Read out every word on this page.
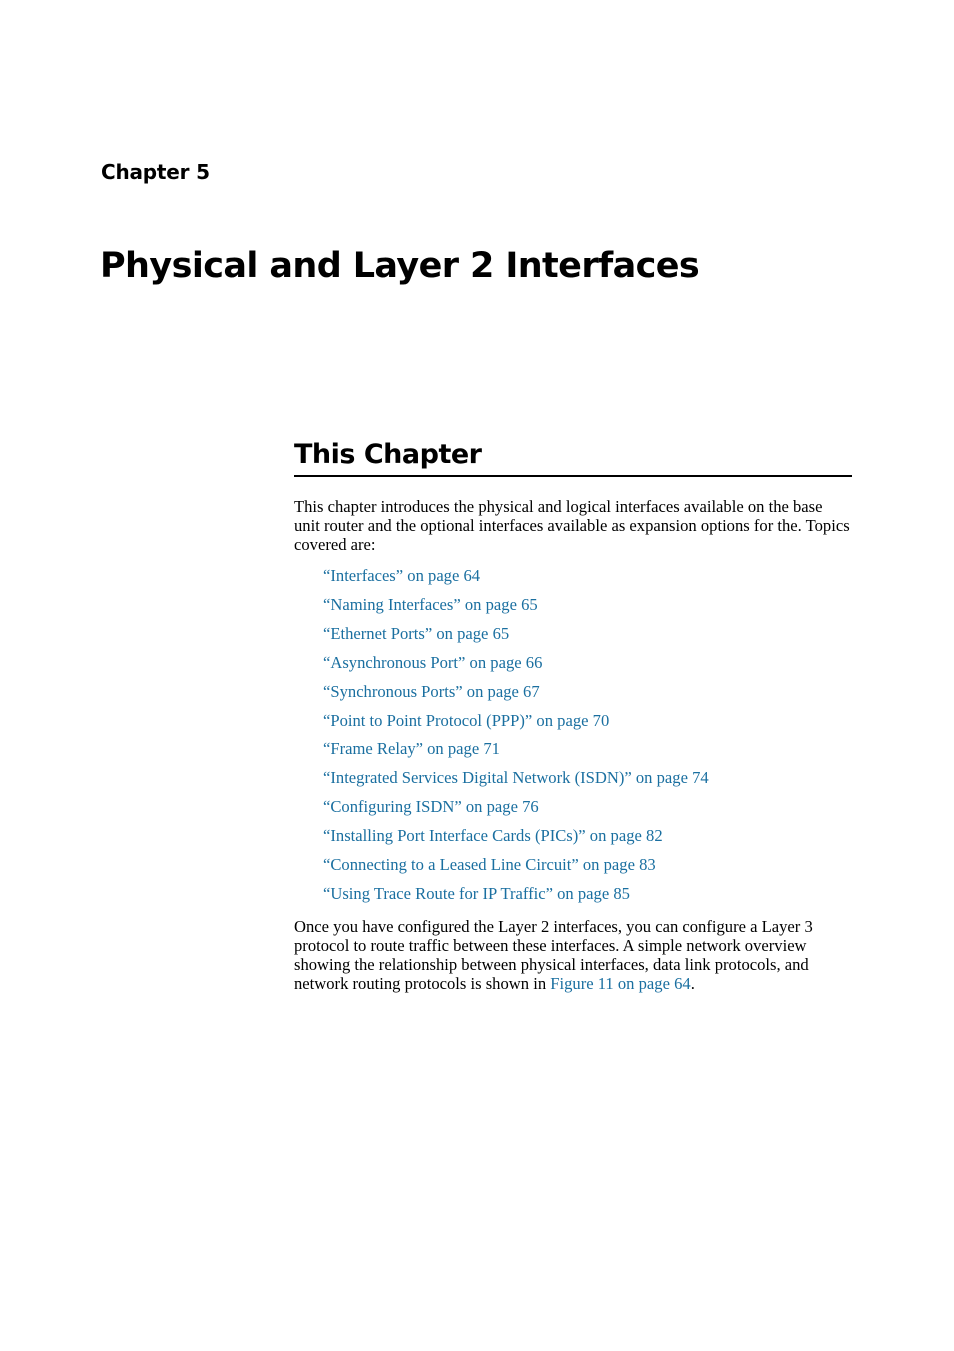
Chapter 5
Physical and Layer 2 Interfaces
This Chapter

This chapter introduces the physical and logical interfaces available on the base unit router and the optional interfaces available as expansion options for the. Topics covered are:

“Interfaces” on page 64
“Naming Interfaces” on page 65
“Ethernet Ports” on page 65
“Asynchronous Port” on page 66
“Synchronous Ports” on page 67
“Point to Point Protocol (PPP)” on page 70
“Frame Relay” on page 71
“Integrated Services Digital Network (ISDN)” on page 74
“Configuring ISDN” on page 76
“Installing Port Interface Cards (PICs)” on page 82
“Connecting to a Leased Line Circuit” on page 83
“Using Trace Route for IP Traffic” on page 85

Once you have configured the Layer 2 interfaces, you can configure a Layer 3 protocol to route traffic between these interfaces. A simple network overview showing the relationship between physical interfaces, data link protocols, and network routing protocols is shown in Figure 11 on page 64.
